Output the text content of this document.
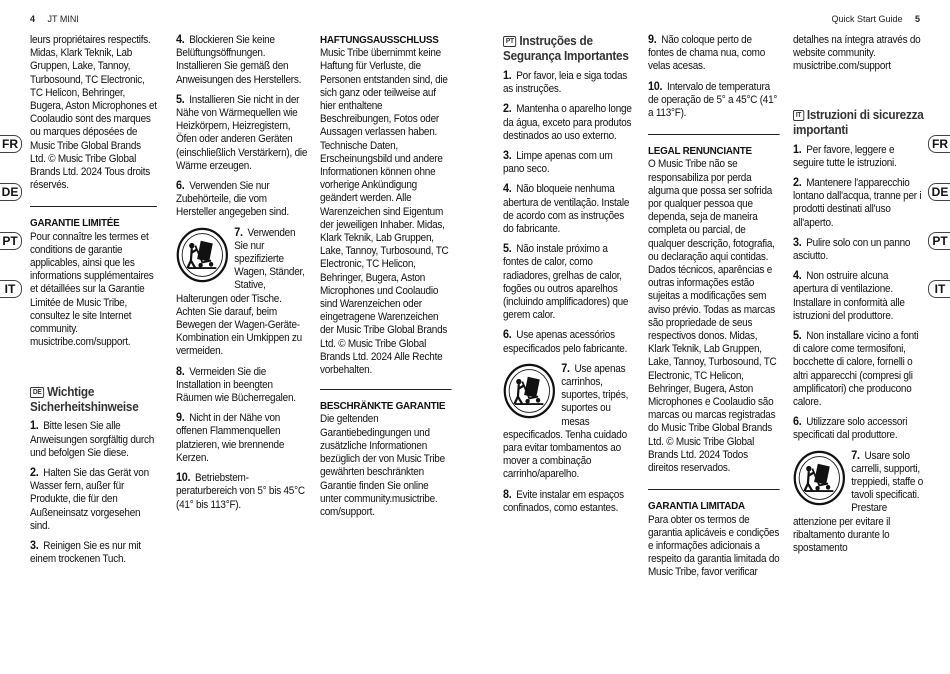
4 JT MINI	Quick Start Guide 5
FR
DE
PT
IT
FR
DE
PT
IT

leurs propriétaires respectifs. Midas, Klark Teknik, Lab Gruppen, Lake, Tannoy, Turbosound, TC Electronic, TC Helicon, Behringer, Bugera, Aston Microphones et Coolaudio sont des marques ou marques déposées de Music Tribe Global Brands Ltd. © Music Tribe Global Brands Ltd. 2024 Tous droits réservés.

GARANTIE LIMITÉE

Pour connaître les termes et conditions de garantie applicables, ainsi que les informations supplémentaires et détaillées sur la Garantie Limitée de Music Tribe, consultez le site Internet community. musictribe.com/support.

DE Wichtige Sicherheitshinweise

1. Bitte lesen Sie alle Anweisungen sorgfältig durch und befolgen Sie diese.
2. Halten Sie das Gerät von Wasser fern, außer für Produkte, die für den Außeneinsatz vorgesehen sind.
3. Reinigen Sie es nur mit einem trockenen Tuch.
4. Blockieren Sie keine Belüftungsöffnungen. Installieren Sie gemäß den Anweisungen des Herstellers.
5. Installieren Sie nicht in der Nähe von Wärmequellen wie Heizkörpern, Heizregistern, Öfen oder anderen Geräten (einschließlich Verstärkern), die Wärme erzeugen.
6. Verwenden Sie nur Zubehörteile, die vom Hersteller angegeben sind.
7. Verwenden Sie nur spezifizierte Wagen, Ständer, Stative, Halterungen oder Tische. Achten Sie darauf, beim Bewegen der Wagen-Geräte-Kombination ein Umkippen zu vermeiden.
8. Vermeiden Sie die Installation in beengten Räumen wie Bücherregalen.
9. Nicht in der Nähe von offenen Flammenquellen platzieren, wie brennende Kerzen.
10. Betriebstem-peraturbereich von 5° bis 45°C (41° bis 113°F).

HAFTUNGSAUSSCHLUSS

Music Tribe übernimmt keine Haftung für Verluste, die Personen entstanden sind, die sich ganz oder teilweise auf hier enthaltene Beschreibungen, Fotos oder Aussagen verlassen haben. Technische Daten, Erscheinungsbild und andere Informationen können ohne vorherige Ankündigung geändert werden. Alle Warenzeichen sind Eigentum der jeweiligen Inhaber. Midas, Klark Teknik, Lab Gruppen, Lake, Tannoy, Turbosound, TC Electronic, TC Helicon, Behringer, Bugera, Aston Microphones und Coolaudio sind Warenzeichen oder eingetragene Warenzeichen der Music Tribe Global Brands Ltd. © Music Tribe Global Brands Ltd. 2024 Alle Rechte vorbehalten.

BESCHRÄNKTE GARANTIE

Die geltenden Garantiebedingungen und zusätzliche Informationen bezüglich der von Music Tribe gewährten beschränkten Garantie finden Sie online unter community.musictribe. com/support.

PT Instruções de Segurança Importantes

1. Por favor, leia e siga todas as instruções.
2. Mantenha o aparelho longe da água, exceto para produtos destinados ao uso externo.
3. Limpe apenas com um pano seco.
4. Não bloqueie nenhuma abertura de ventilação. Instale de acordo com as instruções do fabricante.
5. Não instale próximo a fontes de calor, como radiadores, grelhas de calor, fogões ou outros aparelhos (incluindo amplificadores) que gerem calor.
6. Use apenas acessórios especificados pelo fabricante.
7. Use apenas carrinhos, suportes, tripés, suportes ou mesas especificados. Tenha cuidado para evitar tombamentos ao mover a combinação carrinho/aparelho.
8. Evite instalar em espaços confinados, como estantes.
9. Não coloque perto de fontes de chama nua, como velas acesas.
10. Intervalo de temperatura de operação de 5° a 45°C (41° a 113°F).

LEGAL RENUNCIANTE

O Music Tribe não se responsabiliza por perda alguma que possa ser sofrida por qualquer pessoa que dependa, seja de maneira completa ou parcial, de qualquer descrição, fotografia, ou declaração aqui contidas. Dados técnicos, aparências e outras informações estão sujeitas a modificações sem aviso prévio. Todas as marcas são propriedade de seus respectivos donos. Midas, Klark Teknik, Lab Gruppen, Lake, Tannoy, Turbosound, TC Electronic, TC Helicon, Behringer, Bugera, Aston Microphones e Coolaudio são marcas ou marcas registradas do Music Tribe Global Brands Ltd. © Music Tribe Global Brands Ltd. 2024 Todos direitos reservados.

GARANTIA LIMITADA

Para obter os termos de garantia aplicáveis e condições e informações adicionais a respeito da garantia limitada do Music Tribe, favor verificar

detalhes na íntegra através do website community. musictribe.com/support

IT Istruzioni di sicurezza importanti

1. Per favore, leggere e seguire tutte le istruzioni.
2. Mantenere l'apparecchio lontano dall'acqua, tranne per i prodotti destinati all'uso all'aperto.
3. Pulire solo con un panno asciutto.
4. Non ostruire alcuna apertura di ventilazione. Installare in conformità alle istruzioni del produttore.
5. Non installare vicino a fonti di calore come termosifoni, bocchette di calore, fornelli o altri apparecchi (compresi gli amplificatori) che producono calore.
6. Utilizzare solo accessori specificati dal produttore.
7. Usare solo carrelli, supporti, treppiedi, staffe o tavoli specificati. Prestare attenzione per evitare il ribaltamento durante lo spostamento
